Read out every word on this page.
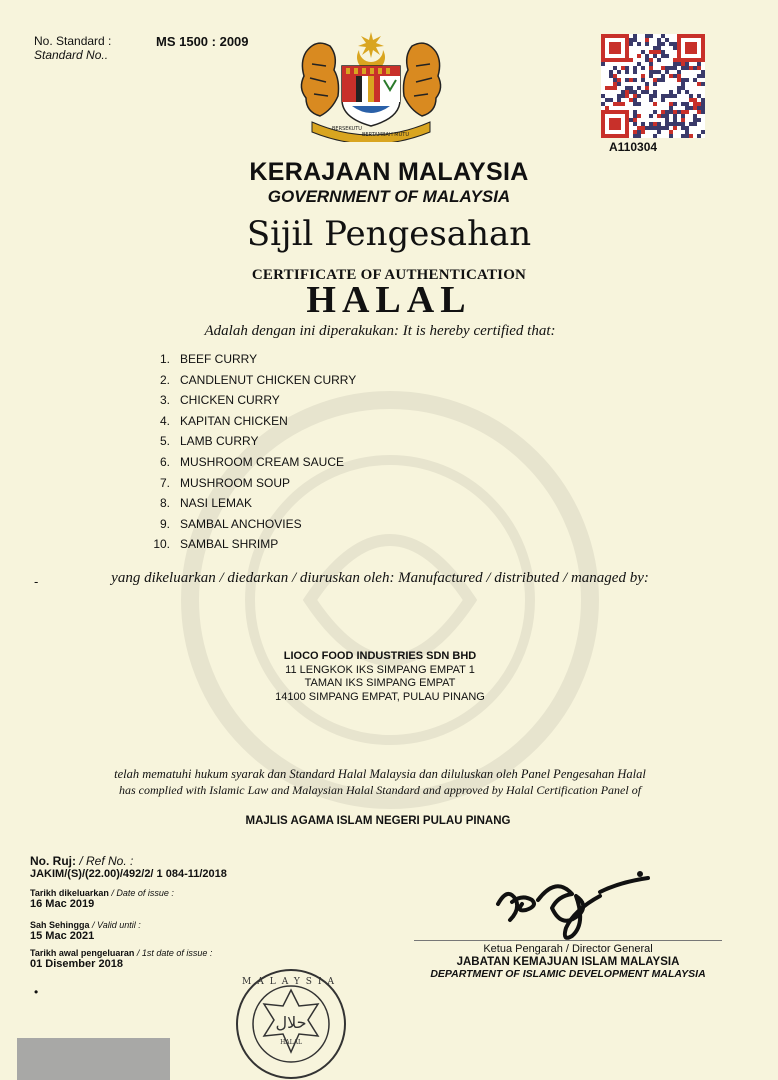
No. Standard :
Standard No..
MS 1500 : 2009
BERSEKUTU
BERTAMBAH MUTU
A110304
KERAJAAN MALAYSIA
GOVERNMENT OF MALAYSIA
Sijil Pengesahan
CERTIFICATE OF AUTHENTICATION
HALAL
Adalah dengan ini diperakukan: It is hereby certified that:
1. BEEF CURRY
2. CANDLENUT CHICKEN CURRY
3. CHICKEN CURRY
4. KAPITAN CHICKEN
5. LAMB CURRY
6. MUSHROOM CREAM SAUCE
7. MUSHROOM SOUP
8. NASI LEMAK
9. SAMBAL ANCHOVIES
10. SAMBAL SHRIMP
-	yang dikeluarkan / diedarkan / diuruskan oleh: Manufactured / distributed / managed by:
LIOCO FOOD INDUSTRIES SDN BHD
11 LENGKOK IKS SIMPANG EMPAT 1
TAMAN IKS SIMPANG EMPAT
14100 SIMPANG EMPAT, PULAU PINANG
telah mematuhi hukum syarak dan Standard Halal Malaysia dan diluluskan oleh Panel Pengesahan Halal
has complied with Islamic Law and Malaysian Halal Standard and approved by Halal Certification Panel of
MAJLIS AGAMA ISLAM NEGERI PULAU PINANG
No. Ruj: / Ref No. :
JAKIM/(S)/(22.00)/492/2/ 1 084-11/2018
Tarikh dikeluarkan / Date of issue :
16 Mac 2019
Sah Sehingga / Valid until :
15 Mac 2021
Tarikh awal pengeluaran / 1st date of issue :
01 Disember 2018
•
Ketua Pengarah / Director General
JABATAN KEMAJUAN ISLAM MALAYSIA
DEPARTMENT OF ISLAMIC DEVELOPMENT MALAYSIA
MALAYSIA
حلال
HALAL
